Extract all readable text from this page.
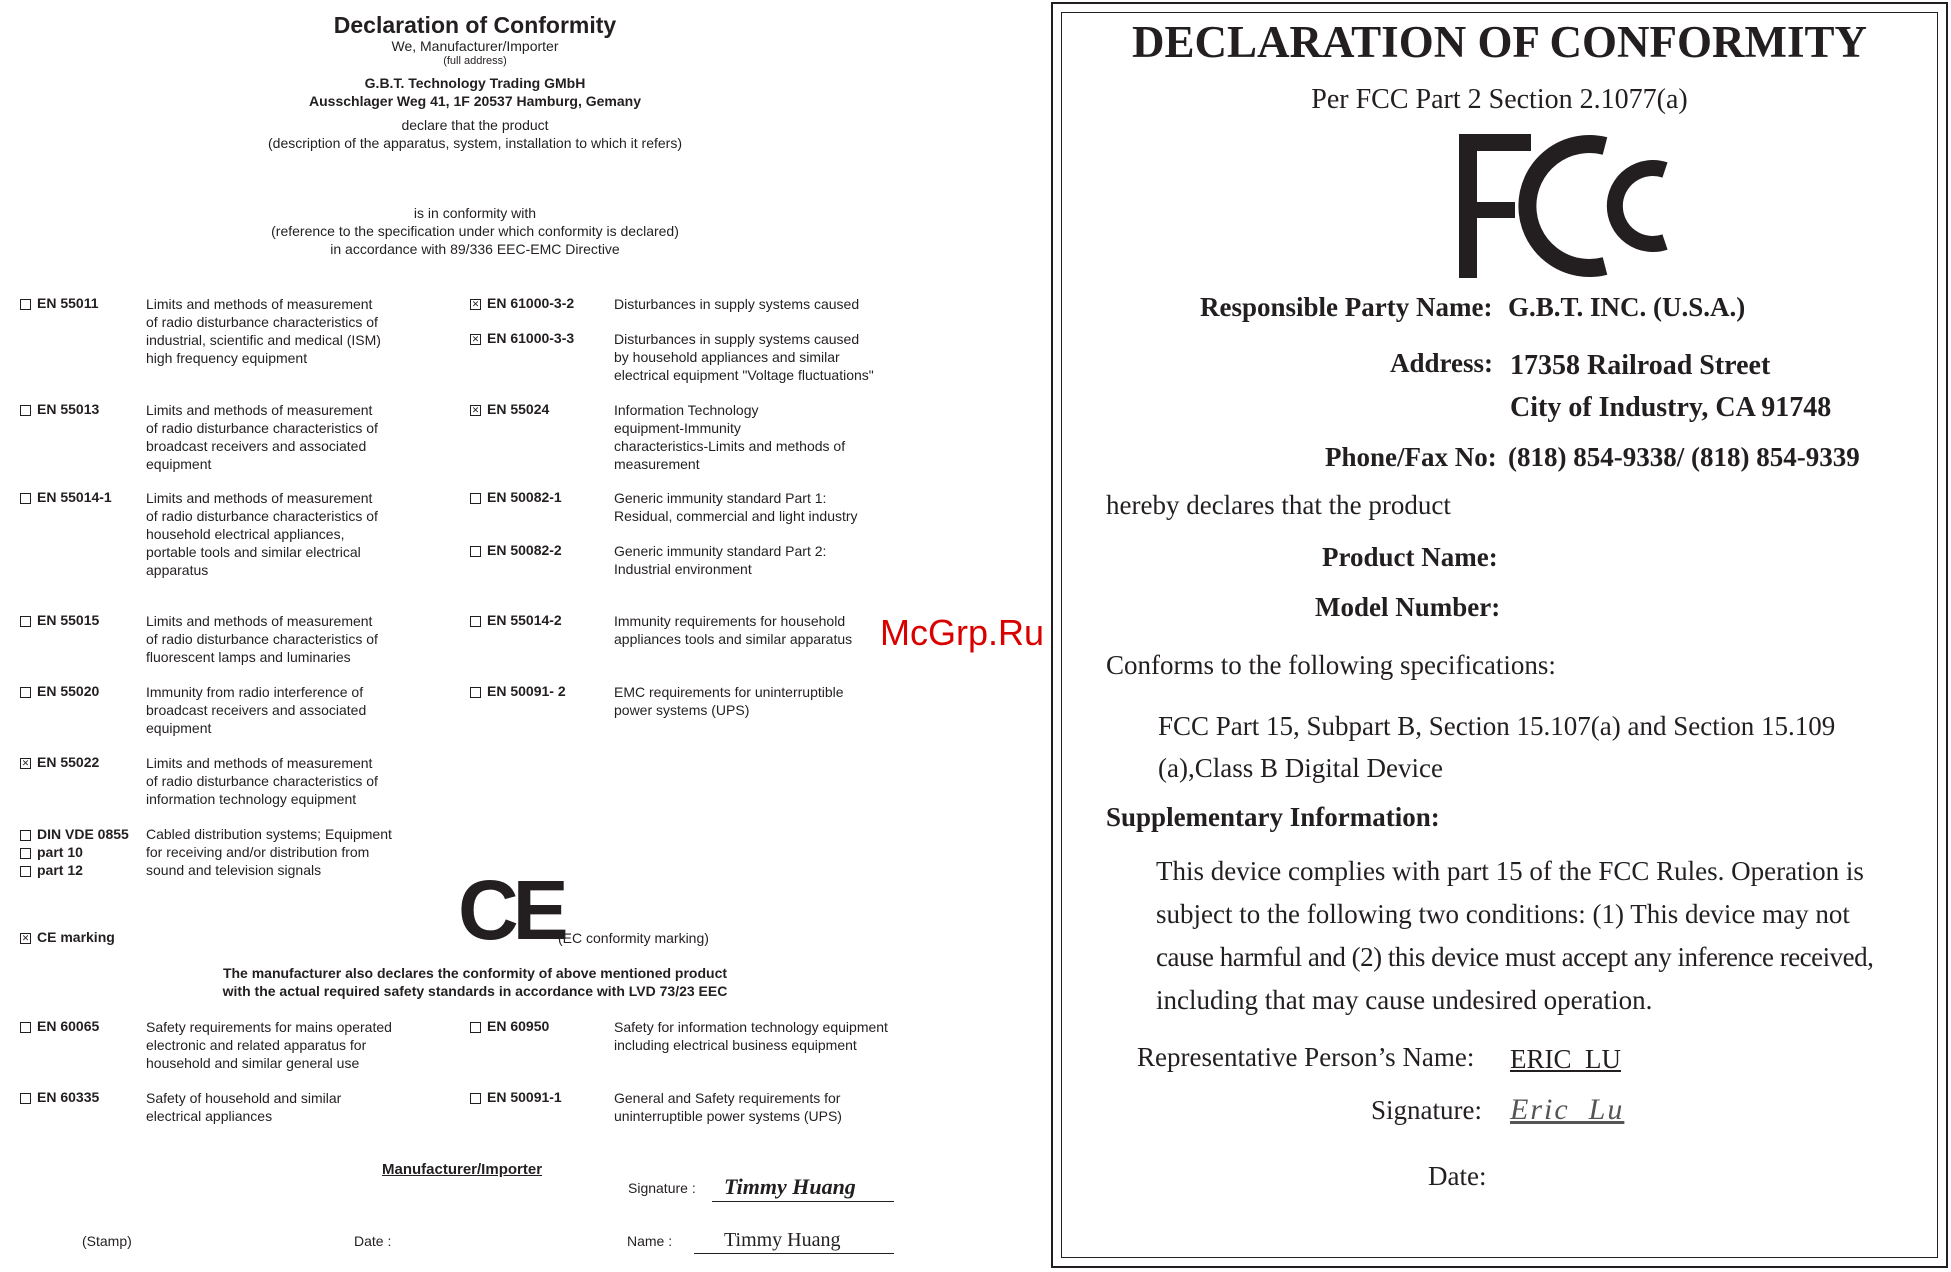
Declaration of Conformity
We, Manufacturer/Importer
(full address)
G.B.T. Technology Trading GMbH
Ausschlager Weg 41, 1F 20537 Hamburg, Gemany
declare that the product
(description of the apparatus, system, installation to which it refers)
is in conformity with
(reference to the specification under which conformity is declared)
in accordance with 89/336 EEC-EMC Directive
EN 55011	Limits and methods of measurement
of radio disturbance characteristics of
industrial, scientific and medical (ISM)
high frequency equipment
EN 55013	Limits and methods of measurement
of radio disturbance characteristics of
broadcast receivers and associated
equipment
EN 55014-1 Limits and methods of measurement
of radio disturbance characteristics of
household electrical appliances,
portable tools and similar electrical
apparatus
EN 55015	Limits and methods of measurement
of radio disturbance characteristics of
fluorescent lamps and luminaries
EN 55020	Immunity from radio interference of
broadcast receivers and associated
equipment
✕EN 55022	Limits and methods of measurement
of radio disturbance characteristics of
information technology equipment
DIN VDE 0855
part 10
part 12
Cabled distribution systems; Equipment
for receiving and/or distribution from
sound and television signals
✕EN 61000-3-2	Disturbances in supply systems caused
✕EN 61000-3-3	Disturbances in supply systems caused
by household appliances and similar
electrical equipment "Voltage fluctuations"
✕EN 55024	Information Technology
equipment-Immunity
characteristics-Limits and methods of
measurement
EN 50082-1	Generic immunity standard Part 1:
Residual, commercial and light industry
EN 50082-2	Generic immunity standard Part 2:
Industrial environment
EN 55014-2	Immunity requirements for household
appliances tools and similar apparatus
EN 50091- 2	EMC requirements for uninterruptible
power systems (UPS)
CE
✕CE marking	(EC conformity marking)
The manufacturer also declares the conformity of above mentioned product
with the actual required safety standards in accordance with LVD 73/23 EEC
EN 60065	Safety requirements for mains operated
electronic and related apparatus for
household and similar general use
EN 60335	Safety of household and similar
electrical appliances
EN 60950	Safety for information technology equipment
including electrical business equipment
EN 50091-1	General and Safety requirements for
uninterruptible power systems (UPS)
Manufacturer/Importer
Signature : Timmy Huang
(Stamp)	Date :	Name :	Timmy Huang
McGrp.Ru
DECLARATION OF CONFORMITY
Per FCC Part 2 Section 2.1077(a)
FCC
Responsible Party Name: G.B.T. INC. (U.S.A.)
Address: 17358 Railroad Street
City of Industry, CA 91748
Phone/Fax No: (818) 854-9338/ (818) 854-9339
hereby declares that the product
Product Name:
Model Number:
Conforms to the following specifications:
FCC Part 15, Subpart B, Section 15.107(a) and Section 15.109
(a),Class B Digital Device
Supplementary Information:
This device complies with part 15 of the FCC Rules. Operation is
subject to the following two conditions: (1) This device may not
cause harmful and (2) this device must accept any inference received,
including that may cause undesired operation.
Representative Person’s Name: ERIC  LU
Signature: Eric  Lu
Date:
